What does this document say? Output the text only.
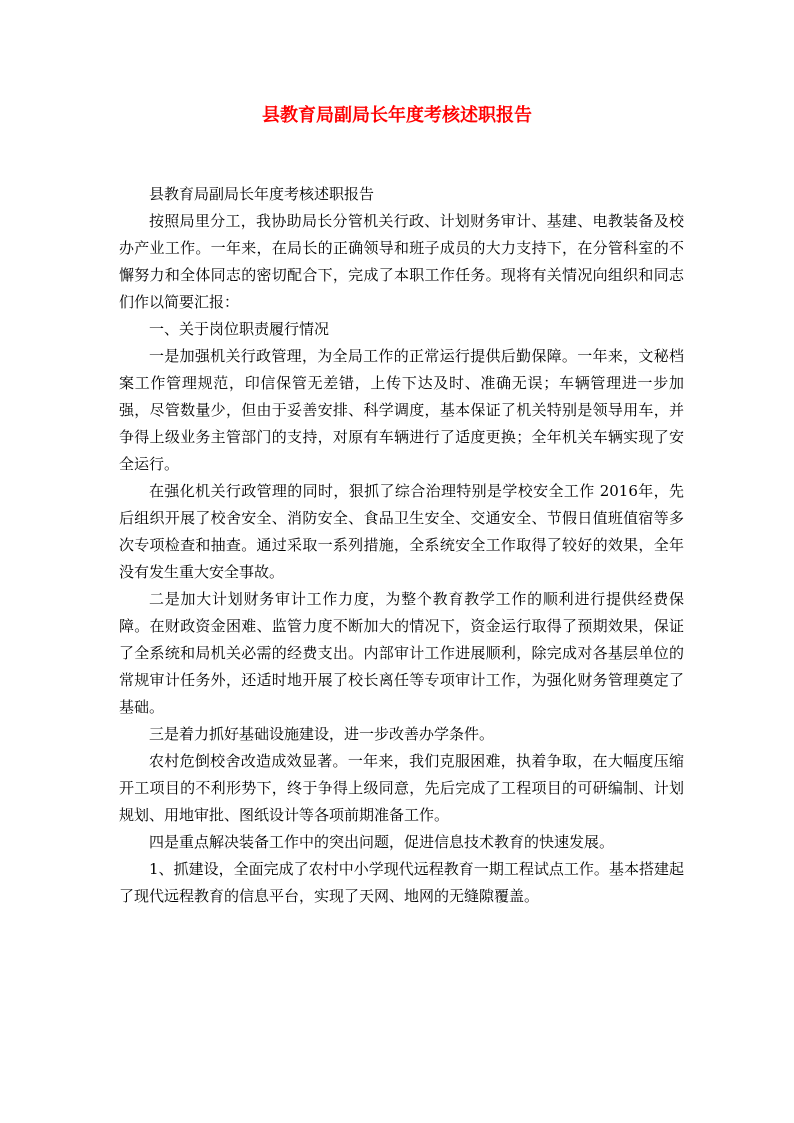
县教育局副局长年度考核述职报告

县教育局副局长年度考核述职报告

按照局里分工，我协助局长分管机关行政、计划财务审计、基建、电教装备及校办产业工作。一年来，在局长的正确领导和班子成员的大力支持下，在分管科室的不懈努力和全体同志的密切配合下，完成了本职工作任务。现将有关情况向组织和同志们作以简要汇报：

一、关于岗位职责履行情况

一是加强机关行政管理，为全局工作的正常运行提供后勤保障。一年来，文秘档案工作管理规范，印信保管无差错，上传下达及时、准确无误；车辆管理进一步加强，尽管数量少，但由于妥善安排、科学调度，基本保证了机关特别是领导用车，并争得上级业务主管部门的支持，对原有车辆进行了适度更换；全年机关车辆实现了安全运行。

在强化机关行政管理的同时，狠抓了综合治理特别是学校安全工作 2016年，先后组织开展了校舍安全、消防安全、食品卫生安全、交通安全、节假日值班值宿等多次专项检查和抽查。通过采取一系列措施，全系统安全工作取得了较好的效果，全年没有发生重大安全事故。

二是加大计划财务审计工作力度，为整个教育教学工作的顺利进行提供经费保障。在财政资金困难、监管力度不断加大的情况下，资金运行取得了预期效果，保证了全系统和局机关必需的经费支出。内部审计工作进展顺利，除完成对各基层单位的常规审计任务外，还适时地开展了校长离任等专项审计工作，为强化财务管理奠定了基础。

三是着力抓好基础设施建设，进一步改善办学条件。

农村危倒校舍改造成效显著。一年来，我们克服困难，执着争取，在大幅度压缩开工项目的不利形势下，终于争得上级同意，先后完成了工程项目的可研编制、计划规划、用地审批、图纸设计等各项前期准备工作。

四是重点解决装备工作中的突出问题，促进信息技术教育的快速发展。

1、抓建设，全面完成了农村中小学现代远程教育一期工程试点工作。基本搭建起了现代远程教育的信息平台，实现了天网、地网的无缝隙覆盖。
